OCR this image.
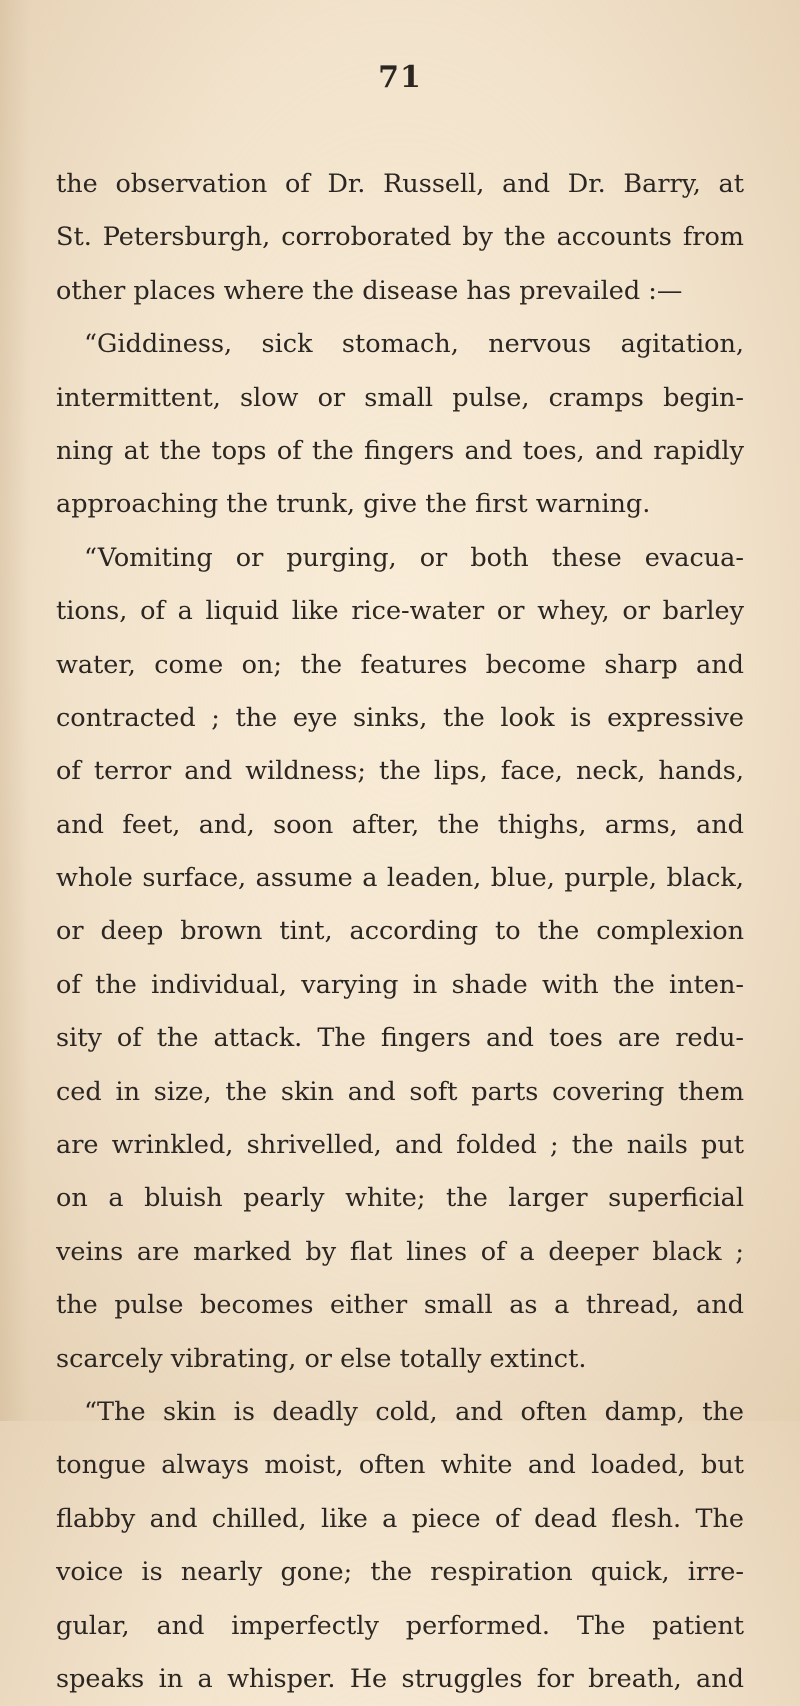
71
the observation of Dr. Russell, and Dr. Barry, at
St. Petersburgh, corroborated by the accounts from
other places where the disease has prevailed :—
“Giddiness, sick stomach, nervous agitation,
intermittent, slow or small pulse, cramps begin-
ning at the tops of the fingers and toes, and rapidly
approaching the trunk, give the first warning.
“Vomiting or purging, or both these evacua-
tions, of a liquid like rice-water or whey, or barley
water, come on; the features become sharp and
contracted ; the eye sinks, the look is expressive
of terror and wildness; the lips, face, neck, hands,
and feet, and, soon after, the thighs, arms, and
whole surface, assume a leaden, blue, purple, black,
or deep brown tint, according to the complexion
of the individual, varying in shade with the inten-
sity of the attack. The fingers and toes are redu-
ced in size, the skin and soft parts covering them
are wrinkled, shrivelled, and folded ; the nails put
on a bluish pearly white; the larger superficial
veins are marked by flat lines of a deeper black ;
the pulse becomes either small as a thread, and
scarcely vibrating, or else totally extinct.
“The skin is deadly cold, and often damp, the
tongue always moist, often white and loaded, but
flabby and chilled, like a piece of dead flesh. The
voice is nearly gone; the respiration quick, irre-
gular, and imperfectly performed. The patient
speaks in a whisper. He struggles for breath, and
